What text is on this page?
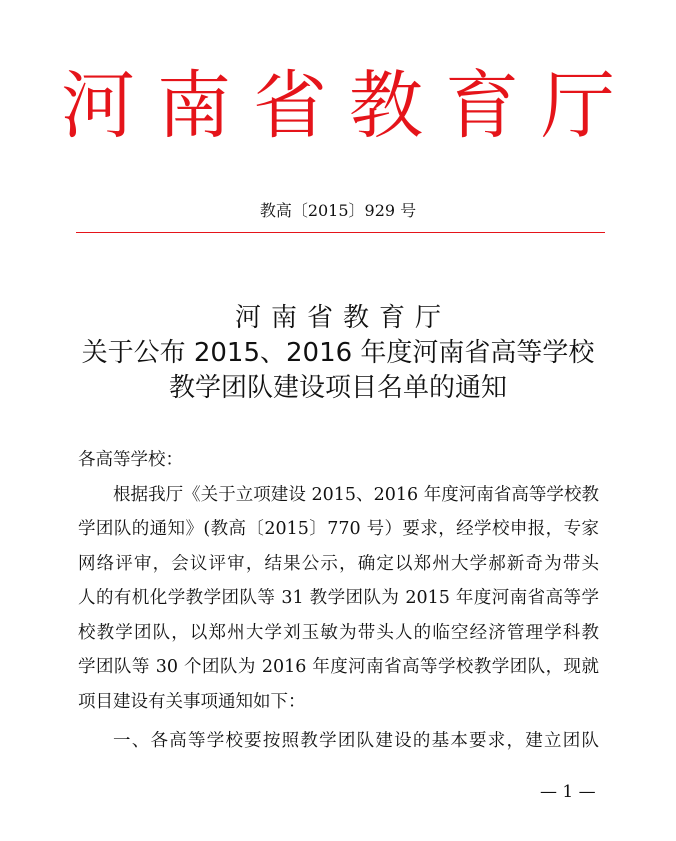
河南省教育厅
教高〔2015〕929 号
河南省教育厅
关于公布 2015、2016 年度河南省高等学校
教学团队建设项目名单的通知
各高等学校：
根据我厅《关于立项建设 2015、2016 年度河南省高等学校教
学团队的通知》(教高〔2015〕770 号）要求，经学校申报，专家
网络评审，会议评审，结果公示，确定以郑州大学郝新奇为带头
人的有机化学教学团队等 31 教学团队为 2015 年度河南省高等学
校教学团队，以郑州大学刘玉敏为带头人的临空经济管理学科教
学团队等 30 个团队为 2016 年度河南省高等学校教学团队，现就
项目建设有关事项通知如下：
一、各高等学校要按照教学团队建设的基本要求，建立团队
— 1 —
